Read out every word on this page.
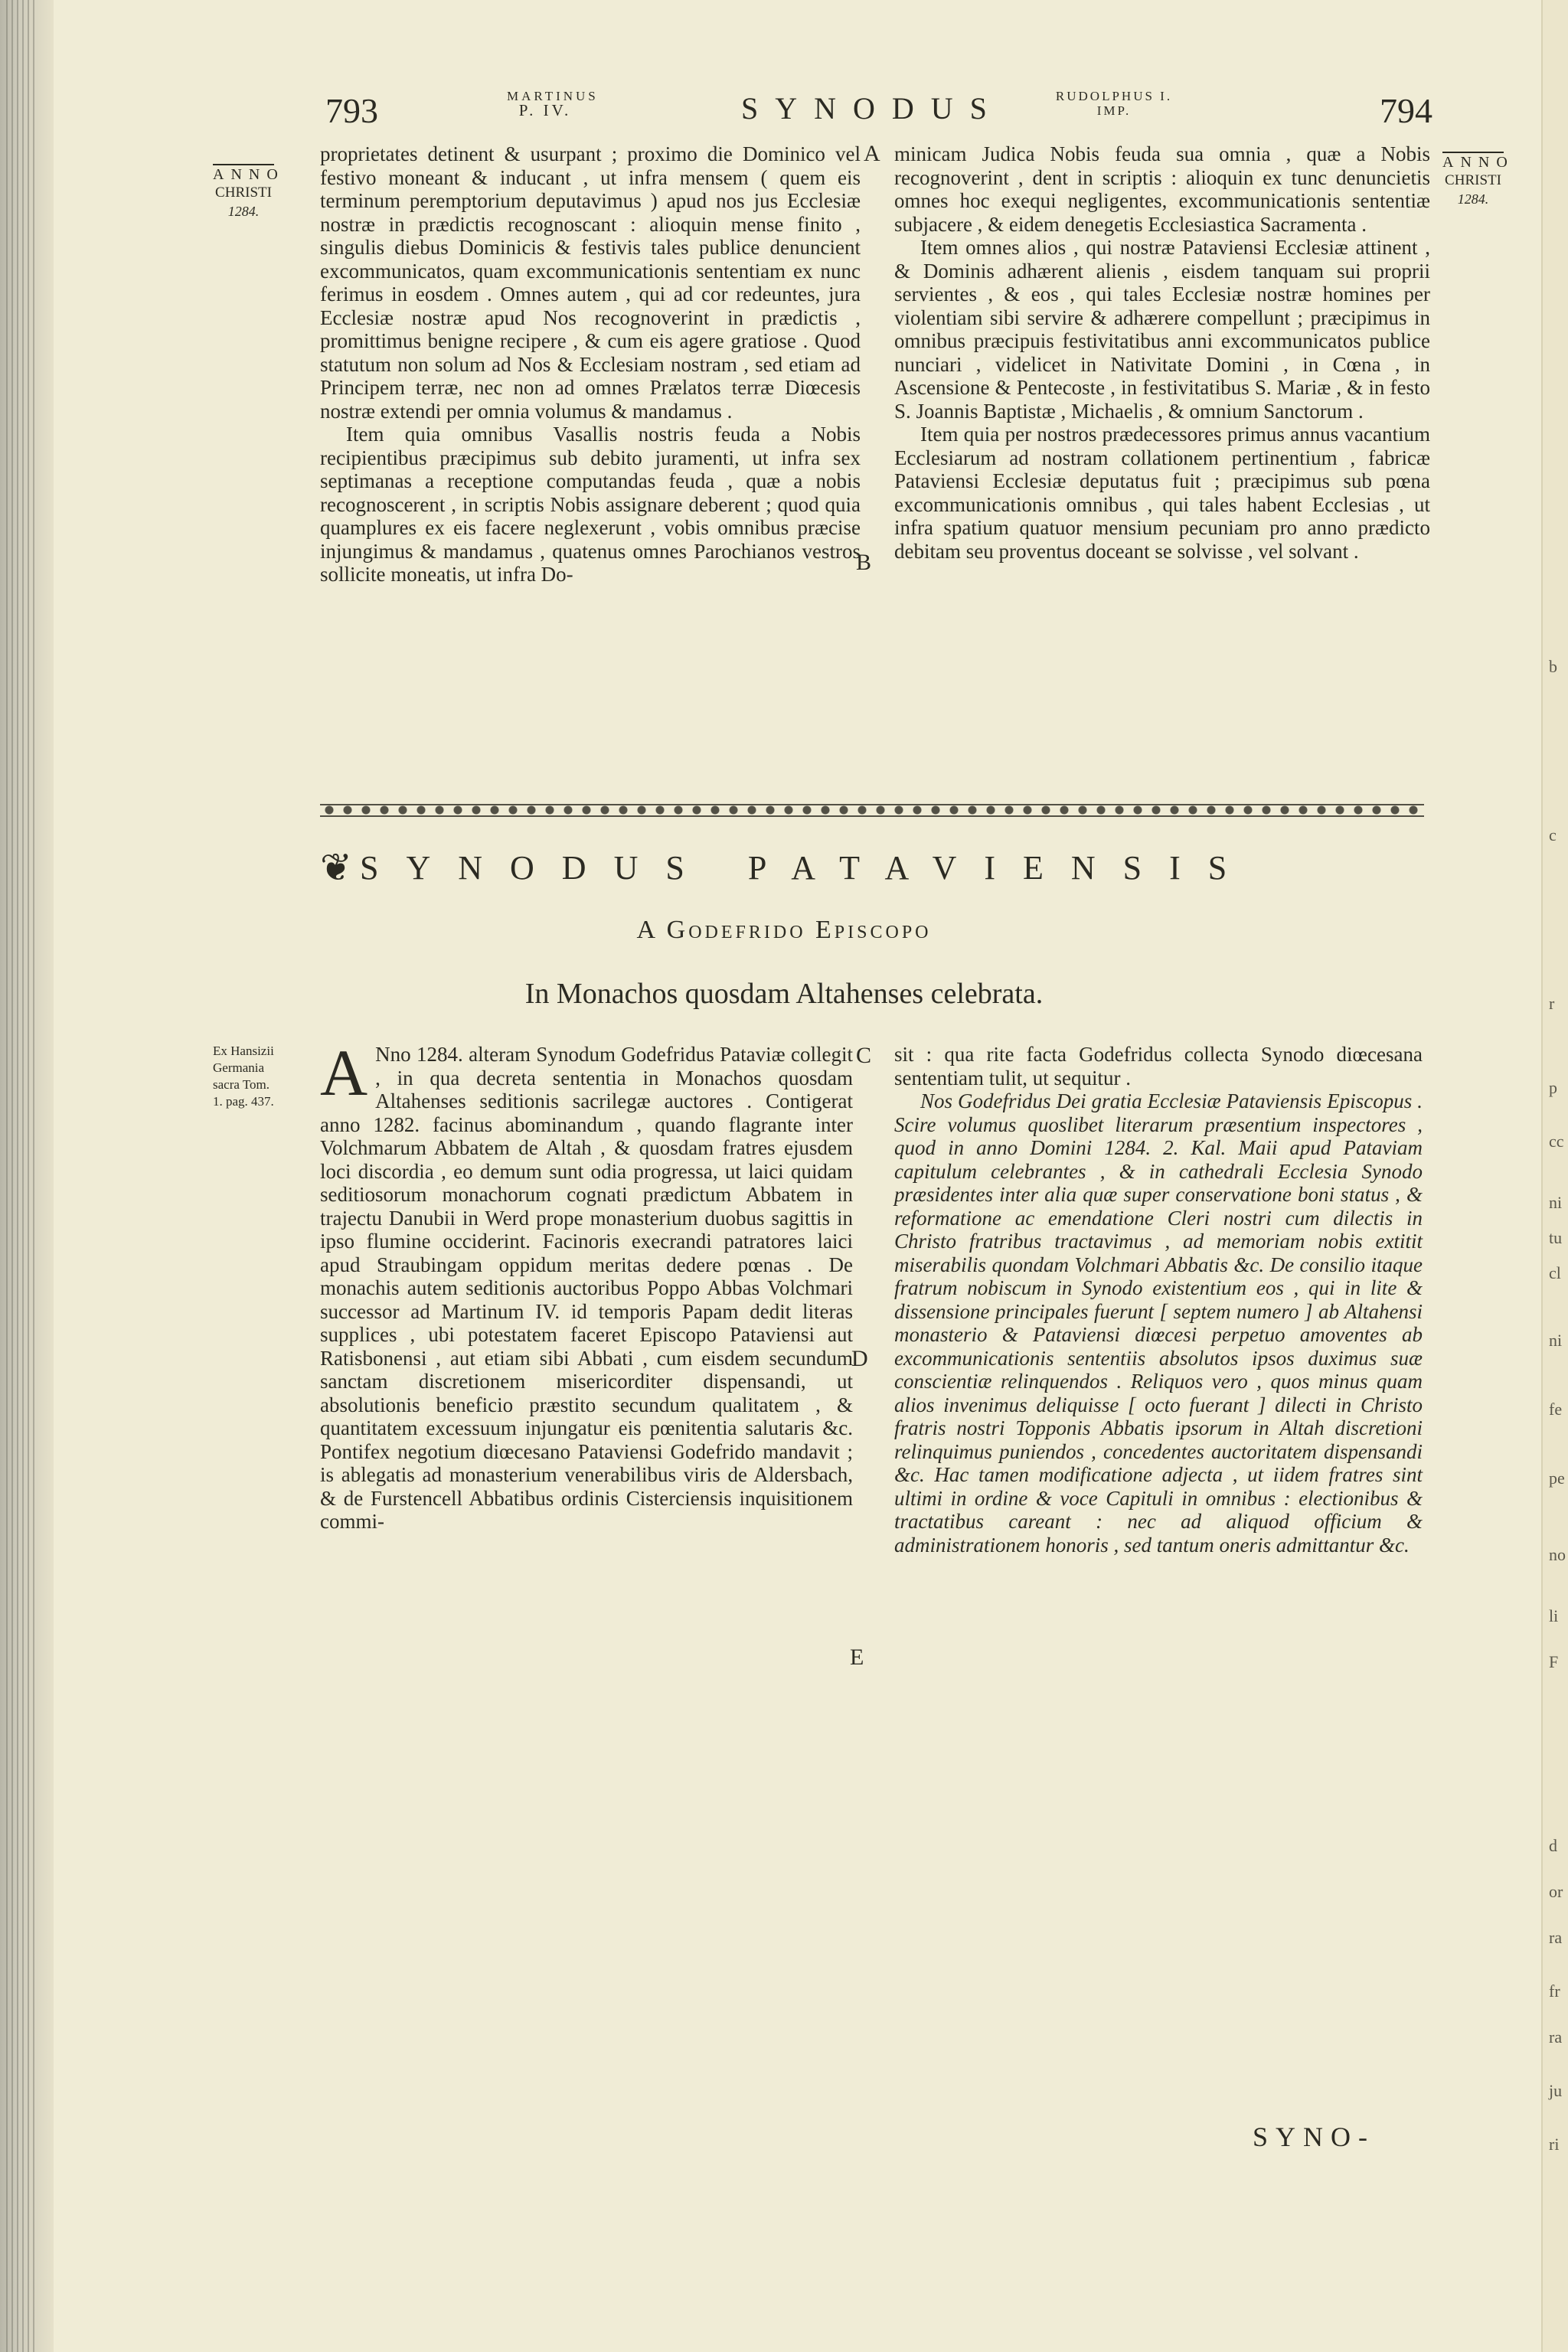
793	MARTINUS
P. IV.	SYNODUS	RUDOLPHUS I.
IMP.	794
ANNO
CHRISTI
1284.
ANNO
CHRISTI
1284.

proprietates detinent & usurpant ; proximo die Dominico vel festivo moneant & inducant , ut infra mensem ( quem eis terminum peremptorium deputavimus ) apud nos jus Ecclesiæ nostræ in prædictis recognoscant : alioquin mense finito , singulis diebus Dominicis & festivis tales publice denuncient excommunicatos, quam excommunicationis sententiam ex nunc ferimus in eosdem . Omnes autem , qui ad cor redeuntes, jura Ecclesiæ nostræ apud Nos recognoverint in prædictis , promittimus benigne recipere , & cum eis agere gratiose . Quod statutum non solum ad Nos & Ecclesiam nostram , sed etiam ad Principem terræ, nec non ad omnes Prælatos terræ Diœcesis nostræ extendi per omnia volumus & mandamus .

Item quia omnibus Vasallis nostris feuda a Nobis recipientibus præcipimus sub debito juramenti, ut infra sex septimanas a receptione computandas feuda , quæ a nobis recognoscerent , in scriptis Nobis assignare deberent ; quod quia quamplures ex eis facere neglexerunt , vobis omnibus præcise injungimus & mandamus , quatenus omnes Parochianos vestros sollicite moneatis, ut infra Do-

minicam Judica Nobis feuda sua omnia , quæ a Nobis recognoverint , dent in scriptis : alioquin ex tunc denuncietis omnes hoc exequi negligentes, excommunicationis sententiæ subjacere , & eidem denegetis Ecclesiastica Sacramenta .

Item omnes alios , qui nostræ Pataviensi Ecclesiæ attinent , & Dominis adhærent alienis , eisdem tanquam sui proprii servientes , & eos , qui tales Ecclesiæ nostræ homines per violentiam sibi servire & adhærere compellunt ; præcipimus in omnibus præcipuis festivitatibus anni excommunicatos publice nunciari , videlicet in Nativitate Domini , in Cœna , in Ascensione & Pentecoste , in festivitatibus S. Mariæ , & in festo S. Joannis Baptistæ , Michaelis , & omnium Sanctorum .

Item quia per nostros prædecessores primus annus vacantium Ecclesiarum ad nostram collationem pertinentium , fabricæ Pataviensi Ecclesiæ deputatus fuit ; præcipimus sub pœna excommunicationis omnibus , qui tales habent Ecclesias , ut infra spatium quatuor mensium pecuniam pro anno prædicto debitam seu proventus doceant se solvisse , vel solvant .

A
B
C
D
E
❦ SYNODUS PATAVIENSIS
A Godefrido Episcopo
In Monachos quosdam Altahenses celebrata.
Ex Hansizii
Germania
sacra Tom.
1. pag. 437. A Nno 1284. alteram Synodum Godefridus Pataviæ collegit , in qua decreta sententia in Monachos quosdam Altahenses seditionis sacrilegæ auctores . Contigerat anno 1282. facinus abominandum , quando flagrante inter Volchmarum Abbatem de Altah , & quosdam fratres ejusdem loci discordia , eo demum sunt odia progressa, ut laici quidam seditiosorum monachorum cognati prædictum Abbatem in trajectu Danubii in Werd prope monasterium duobus sagittis in ipso flumine occiderint. Facinoris execrandi patratores laici apud Straubingam oppidum meritas dedere pœnas . De monachis autem seditionis auctoribus Poppo Abbas Volchmari successor ad Martinum IV. id temporis Papam dedit literas supplices , ubi potestatem faceret Episcopo Pataviensi aut Ratisbonensi , aut etiam sibi Abbati , cum eisdem secundum sanctam discretionem misericorditer dispensandi, ut absolutionis beneficio præstito secundum qualitatem , & quantitatem excessuum injungatur eis pœnitentia salutaris &c. Pontifex negotium diœcesano Pataviensi Godefrido mandavit ; is ablegatis ad monasterium venerabilibus viris de Aldersbach, & de Furstencell Abbatibus ordinis Cisterciensis inquisitionem commi-

sit : qua rite facta Godefridus collecta Synodo diœcesana sententiam tulit, ut sequitur .

Nos Godefridus Dei gratia Ecclesiæ Pataviensis Episcopus . Scire volumus quoslibet literarum præsentium inspectores , quod in anno Domini 1284. 2. Kal. Maii apud Pataviam capitulum celebrantes , & in cathedrali Ecclesia Synodo præsidentes inter alia quæ super conservatione boni status , & reformatione ac emendatione Cleri nostri cum dilectis in Christo fratribus tractavimus , ad memoriam nobis extitit miserabilis quondam Volchmari Abbatis &c. De consilio itaque fratrum nobiscum in Synodo existentium eos , qui in lite & dissensione principales fuerunt [ septem numero ] ab Altahensi monasterio & Pataviensi diœcesi perpetuo amoventes ab excommunicationis sententiis absolutos ipsos duximus suæ conscientiæ relinquendos . Reliquos vero , quos minus quam alios invenimus deliquisse [ octo fuerant ] dilecti in Christo fratris nostri Topponis Abbatis ipsorum in Altah discretioni relinquimus puniendos , concedentes auctoritatem dispensandi &c. Hac tamen modificatione adjecta , ut iidem fratres sint ultimi in ordine & voce Capituli in omnibus : electionibus & tractatibus careant : nec ad aliquod officium & administrationem honoris , sed tantum oneris admittantur &c.

SYNO-
b
c
r
p
cc
ni
tu
cl
ni
fe
pe
no
li
F
d
or
ra
fr
ra
ju
ri
